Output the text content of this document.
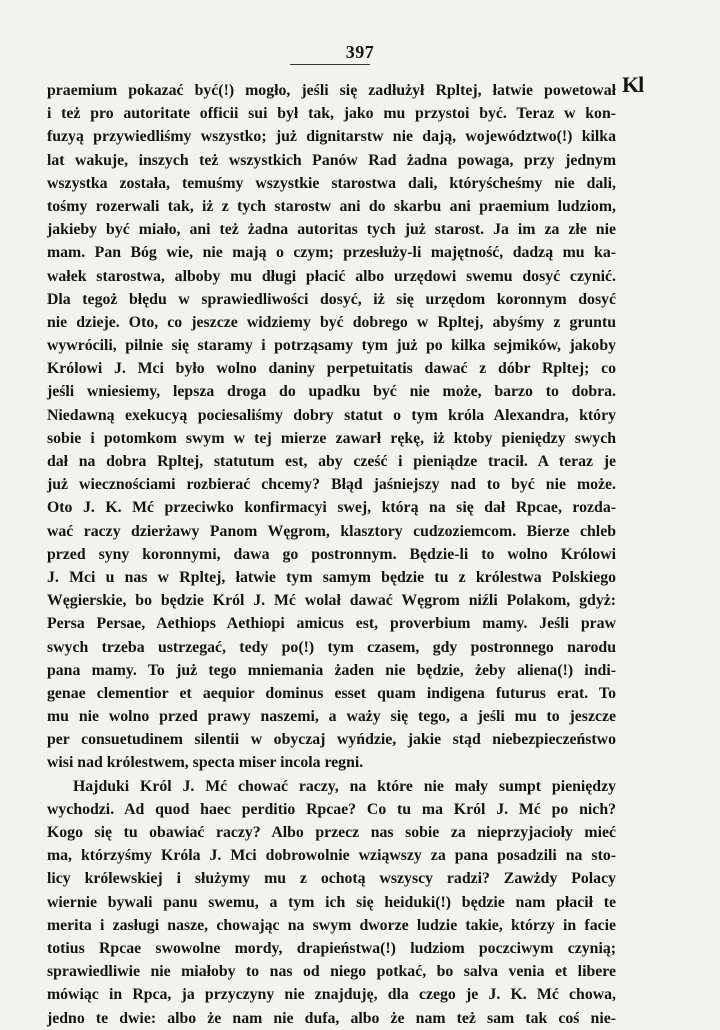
397
Kl
praemium pokazać być(!) mogło, jeśli się zadłużył Rpltej, łatwie powetował
i też pro autoritate officii sui był tak, jako mu przystoi być. Teraz w kon-
fuzyą przywiedliśmy wszystko; już dignitarstw nie dają, województwo(!) kilka
lat wakuje, inszych też wszystkich Panów Rad żadna powaga, przy jednym
wszystka została, temuśmy wszystkie starostwa dali, któryścheśmy nie dali,
tośmy rozerwali tak, iż z tych starostw ani do skarbu ani praemium ludziom,
jakieby być miało, ani też żadna autoritas tych już starost. Ja im za złe nie
mam. Pan Bóg wie, nie mają o czym; przesłuży-li majętność, dadzą mu ka-
wałek starostwa, alboby mu długi płacić albo urzędowi swemu dosyć czynić.
Dla tegoż błędu w sprawiedliwości dosyć, iż się urzędom koronnym dosyć
nie dzieje. Oto, co jeszcze widziemy być dobrego w Rpltej, abyśmy z gruntu
wywrócili, pilnie się staramy i potrząsamy tym już po kilka sejmików, jakoby
Królowi J. Mci było wolno daniny perpetuitatis dawać z dóbr Rpltej; co
jeśli wniesiemy, lepsza droga do upadku być nie może, barzo to dobra.
Niedawną exekucyą pociesaliśmy dobry statut o tym króla Alexandra, który
sobie i potomkom swym w tej mierze zawarł rękę, iż ktoby pieniędzy swych
dał na dobra Rpltej, statutum est, aby cześć i pieniądze tracił. A teraz je
już wiecznościami rozbierać chcemy? Błąd jaśniejszy nad to być nie może.
Oto J. K. Mć przeciwko konfirmacyi swej, którą na się dał Rpcae, rozda-
wać raczy dzierżawy Panom Węgrom, klasztory cudzoziemcom. Bierze chleb
przed syny koronnymi, dawa go postronnym. Będzie-li to wolno Królowi
J. Mci u nas w Rpltej, łatwie tym samym będzie tu z królestwa Polskiego
Węgierskie, bo będzie Król J. Mć wolał dawać Węgrom niźli Polakom, gdyż:
Persa Persae, Aethiops Aethiopi amicus est, proverbium mamy. Jeśli praw
swych trzeba ustrzegać, tedy po(!) tym czasem, gdy postronnego narodu
pana mamy. To już tego mniemania żaden nie będzie, żeby aliena(!) indi-
genae clementior et aequior dominus esset quam indigena futurus erat. To
mu nie wolno przed prawy naszemi, a waży się tego, a jeśli mu to jeszcze
per consuetudinem silentii w obyczaj wyńdzie, jakie stąd niebezpieczeństwo
wisi nad królestwem, specta miser incola regni.
Hajduki Król J. Mć chować raczy, na które nie mały sumpt pieniędzy
wychodzi. Ad quod haec perditio Rpcae? Co tu ma Król J. Mć po nich?
Kogo się tu obawiać raczy? Albo przecz nas sobie za nieprzyjacioły mieć
ma, którzyśmy Króla J. Mci dobrowolnie wziąwszy za pana posadzili na sto-
licy królewskiej i służymy mu z ochotą wszyscy radzi? Zawżdy Polacy
wiernie bywali panu swemu, a tym ich się heiduki(!) będzie nam płacił te
merita i zasługi nasze, chowając na swym dworze ludzie takie, którzy in facie
totius Rpcae swowolne mordy, drapieństwa(!) ludziom poczciwym czynią;
sprawiedliwie nie miałoby to nas od niego potkać, bo salva venia et libere
mówiąc in Rpca, ja przyczyny nie znajduję, dla czego je J. K. Mć chowa,
jedno te dwie: albo że nam nie dufa, albo że nam też sam tak coś nie-
